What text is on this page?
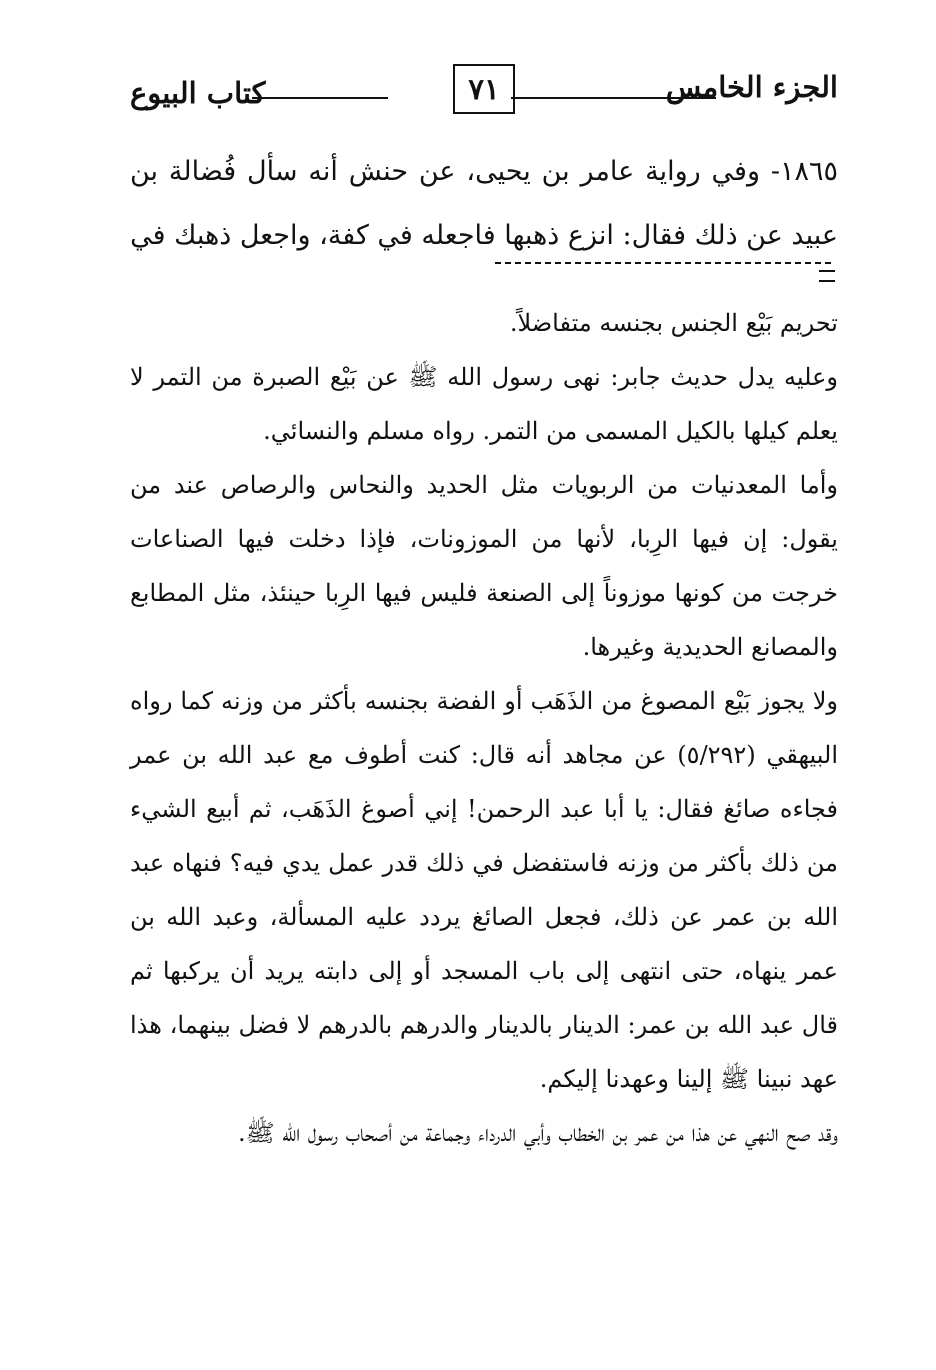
الجزء الخامس
٧١
كتاب البيوع

١٨٦٥- وفي رواية عامر بن يحيى، عن حنش أنه سأل فُضالة بن عبيد عن ذلك فقال: انزع ذهبها فاجعله في كفة، واجعل ذهبك في

تحريم بَيْع الجنس بجنسه متفاضلاً.

وعليه يدل حديث جابر: نهى رسول الله ﷺ عن بَيْع الصبرة من التمر لا يعلم كيلها بالكيل المسمى من التمر. رواه مسلم والنسائي.

وأما المعدنيات من الربويات مثل الحديد والنحاس والرصاص عند من يقول: إن فيها الرِبا، لأنها من الموزونات، فإذا دخلت فيها الصناعات خرجت من كونها موزوناً إلى الصنعة فليس فيها الرِبا حينئذ، مثل المطابع والمصانع الحديدية وغيرها.

ولا يجوز بَيْع المصوغ من الذَهَب أو الفضة بجنسه بأكثر من وزنه كما رواه البيهقي (٥/٢٩٢) عن مجاهد أنه قال: كنت أطوف مع عبد الله بن عمر فجاءه صائغ فقال: يا أبا عبد الرحمن! إني أصوغ الذَهَب، ثم أبيع الشيء من ذلك بأكثر من وزنه فاستفضل في ذلك قدر عمل يدي فيه؟ فنهاه عبد الله بن عمر عن ذلك، فجعل الصائغ يردد عليه المسألة، وعبد الله بن عمر ينهاه، حتى انتهى إلى باب المسجد أو إلى دابته يريد أن يركبها ثم قال عبد الله بن عمر: الدينار بالدينار والدرهم بالدرهم لا فضل بينهما، هذا عهد نبينا ﷺ إلينا وعهدنا إليكم.

وقد صح النهي عن هذا من عمر بن الخطاب وأبي الدرداء وجماعة من أصحاب رسول الله ﷺ.
